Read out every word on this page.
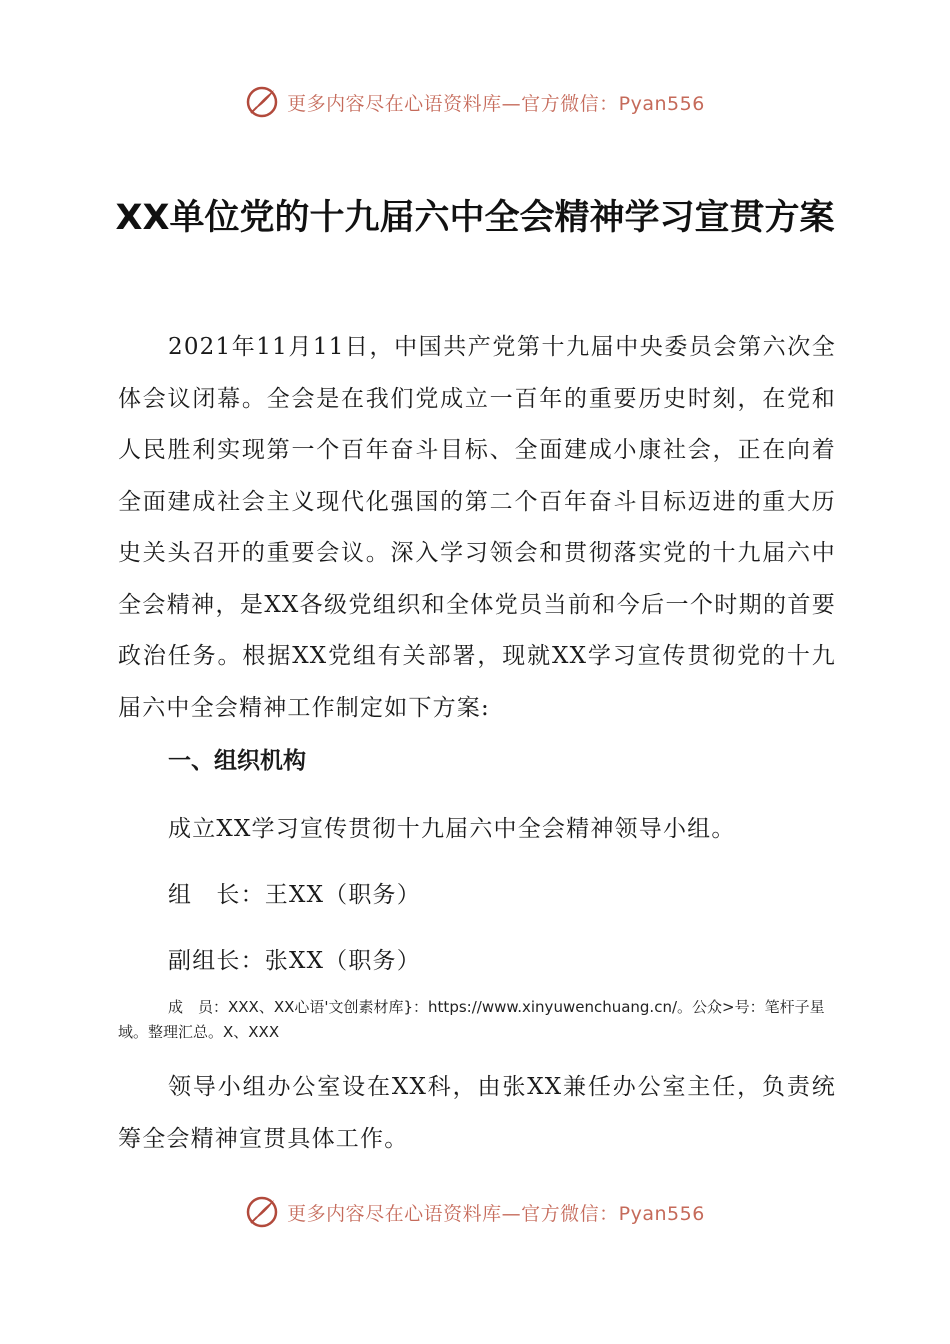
更多内容尽在心语资料库—官方微信：Pyan556
XX单位党的十九届六中全会精神学习宣贯方案

2021年11月11日，中国共产党第十九届中央委员会第六次全体会议闭幕。全会是在我们党成立一百年的重要历史时刻，在党和人民胜利实现第一个百年奋斗目标、全面建成小康社会，正在向着全面建成社会主义现代化强国的第二个百年奋斗目标迈进的重大历史关头召开的重要会议。深入学习领会和贯彻落实党的十九届六中全会精神，是XX各级党组织和全体党员当前和今后一个时期的首要政治任务。根据XX党组有关部署，现就XX学习宣传贯彻党的十九届六中全会精神工作制定如下方案:

一、组织机构

成立XX学习宣传贯彻十九届六中全会精神领导小组。

组　长：王XX（职务）

副组长：张XX（职务）

成　员：XXX、XX心语'文创素材库}：https://www.xinyuwenchuang.cn/。公众>号：笔杆子星域。整理汇总。X、XXX

领导小组办公室设在XX科，由张XX兼任办公室主任，负责统筹全会精神宣贯具体工作。

更多内容尽在心语资料库—官方微信：Pyan556
